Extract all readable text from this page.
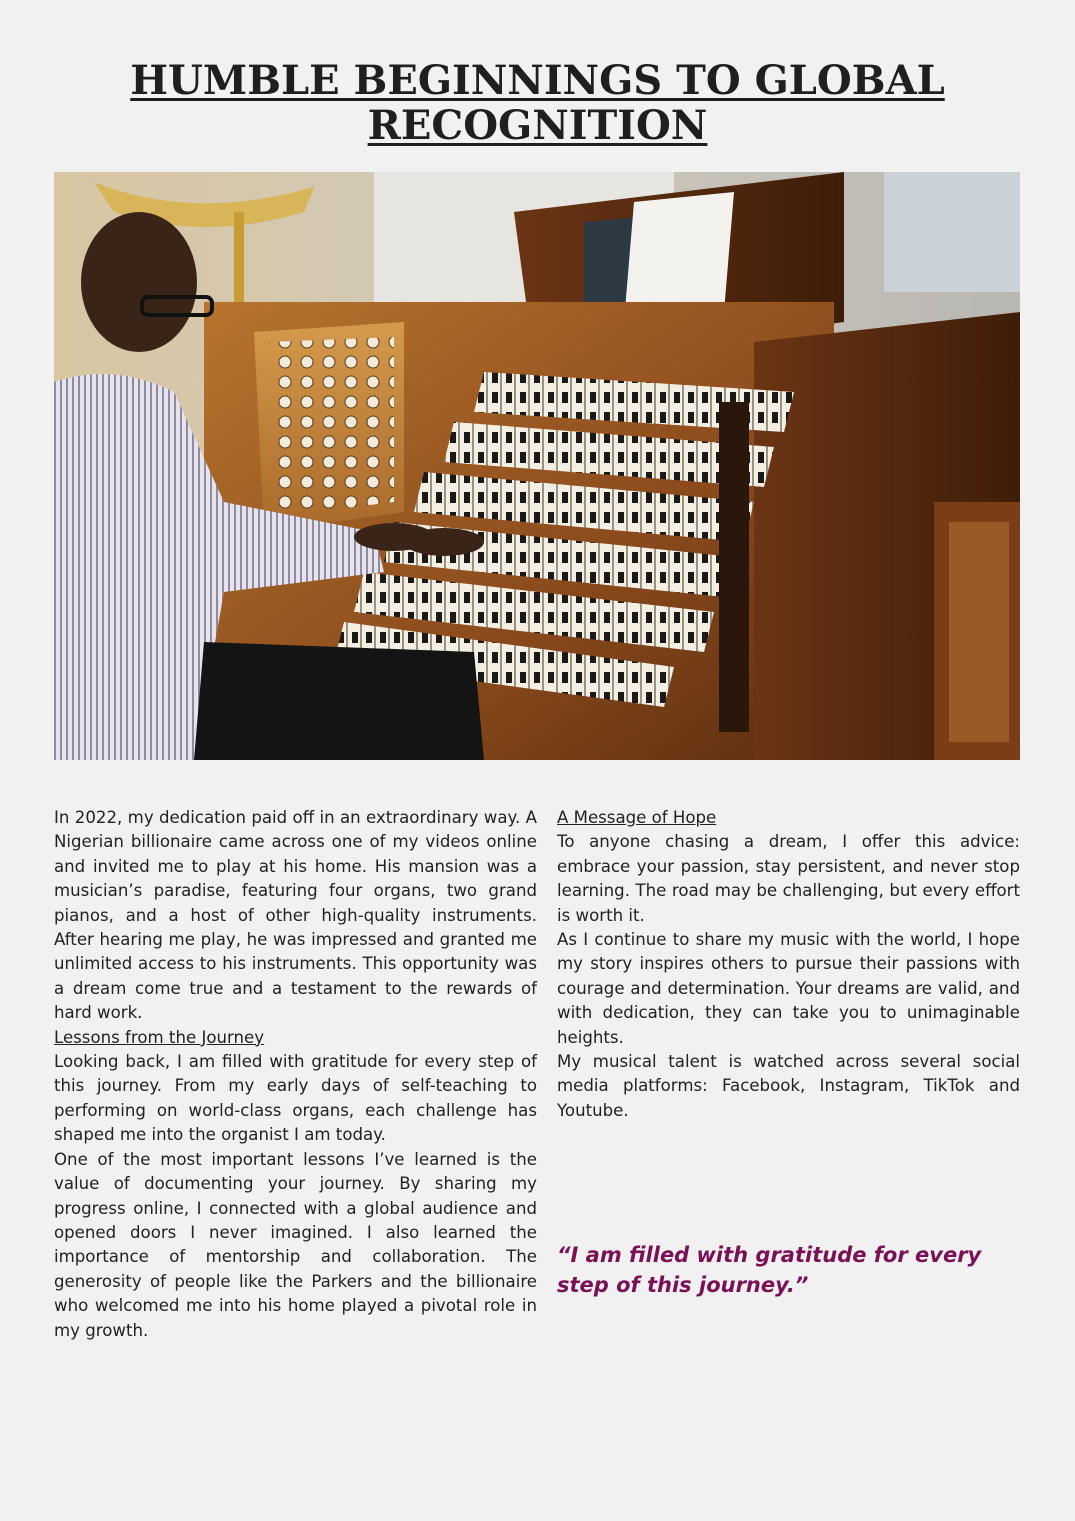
HUMBLE BEGINNINGS TO GLOBAL
RECOGNITION

In 2022, my dedication paid off in an extraordinary way. A Nigerian billionaire came across one of my videos online and invited me to play at his home. His mansion was a musician’s paradise, featuring four organs, two grand pianos, and a host of other high-quality instruments. After hearing me play, he was impressed and granted me unlimited access to his instruments. This opportunity was a dream come true and a testament to the rewards of hard work.

Lessons from the Journey

Looking back, I am filled with gratitude for every step of this journey. From my early days of self-teaching to performing on world-class organs, each challenge has shaped me into the organist I am today.

One of the most important lessons I’ve learned is the value of documenting your journey. By sharing my progress online, I connected with a global audience and opened doors I never imagined. I also learned the importance of mentorship and collaboration. The generosity of people like the Parkers and the billionaire who welcomed me into his home played a pivotal role in my growth.

A Message of Hope

To anyone chasing a dream, I offer this advice: embrace your passion, stay persistent, and never stop learning. The road may be challenging, but every effort is worth it.

As I continue to share my music with the world, I hope my story inspires others to pursue their passions with courage and determination. Your dreams are valid, and with dedication, they can take you to unimaginable heights.

My musical talent is watched across several social media platforms: Facebook, Instagram, TikTok and Youtube.

“I am filled with gratitude for every step of this journey.”
